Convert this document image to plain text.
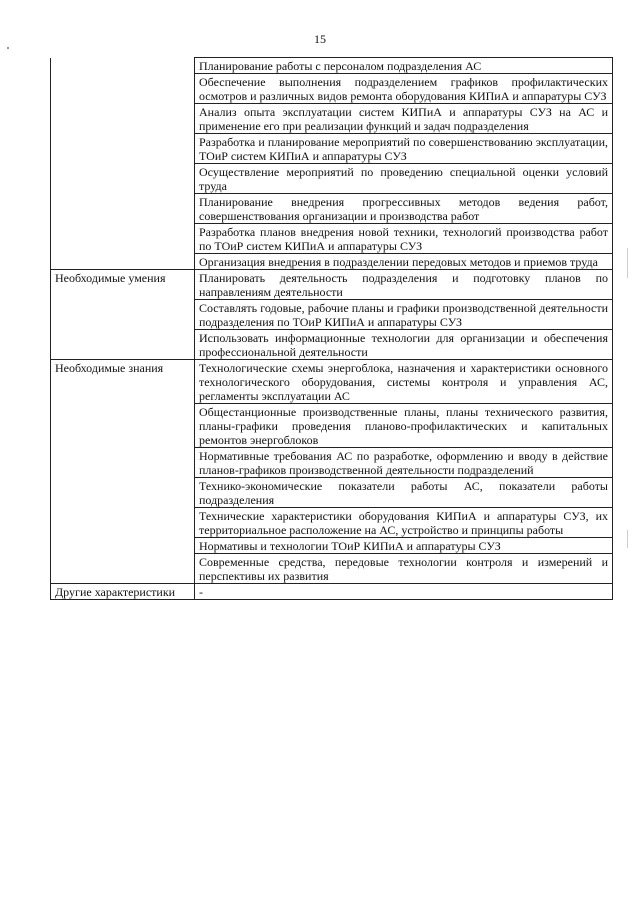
15
	Планирование работы с персоналом подразделения АС
	Обеспечение выполнения подразделением графиков профилактических осмотров и различных видов ремонта оборудования КИПиА и аппаратуры СУЗ
	Анализ опыта эксплуатации систем КИПиА и аппаратуры СУЗ на АС и применение его при реализации функций и задач подразделения
	Разработка и планирование мероприятий по совершенствованию эксплуатации, ТОиР систем КИПиА и аппаратуры СУЗ
	Осуществление мероприятий по проведению специальной оценки условий труда
	Планирование внедрения прогрессивных методов ведения работ, совершенствования организации и производства работ
	Разработка планов внедрения новой техники, технологий производства работ по ТОиР систем КИПиА и аппаратуры СУЗ
	Организация внедрения в подразделении передовых методов и приемов труда
Необходимые умения	Планировать деятельность подразделения и подготовку планов по направлениям деятельности
	Составлять годовые, рабочие планы и графики производственной деятельности подразделения по ТОиР КИПиА и аппаратуры СУЗ
	Использовать информационные технологии для организации и обеспечения профессиональной деятельности
Необходимые знания	Технологические схемы энергоблока, назначения и характеристики основного технологического оборудования, системы контроля и управления АС, регламенты эксплуатации АС
	Общестанционные производственные планы, планы технического развития, планы-графики проведения планово-профилактических и капитальных ремонтов энергоблоков
	Нормативные требования АС по разработке, оформлению и вводу в действие планов-графиков производственной деятельности подразделений
	Технико-экономические показатели работы АС, показатели работы подразделения
	Технические характеристики оборудования КИПиА и аппаратуры СУЗ, их территориальное расположение на АС, устройство и принципы работы
	Нормативы и технологии ТОиР КИПиА и аппаратуры СУЗ
	Современные средства, передовые технологии контроля и измерений и перспективы их развития
Другие характеристики	-
